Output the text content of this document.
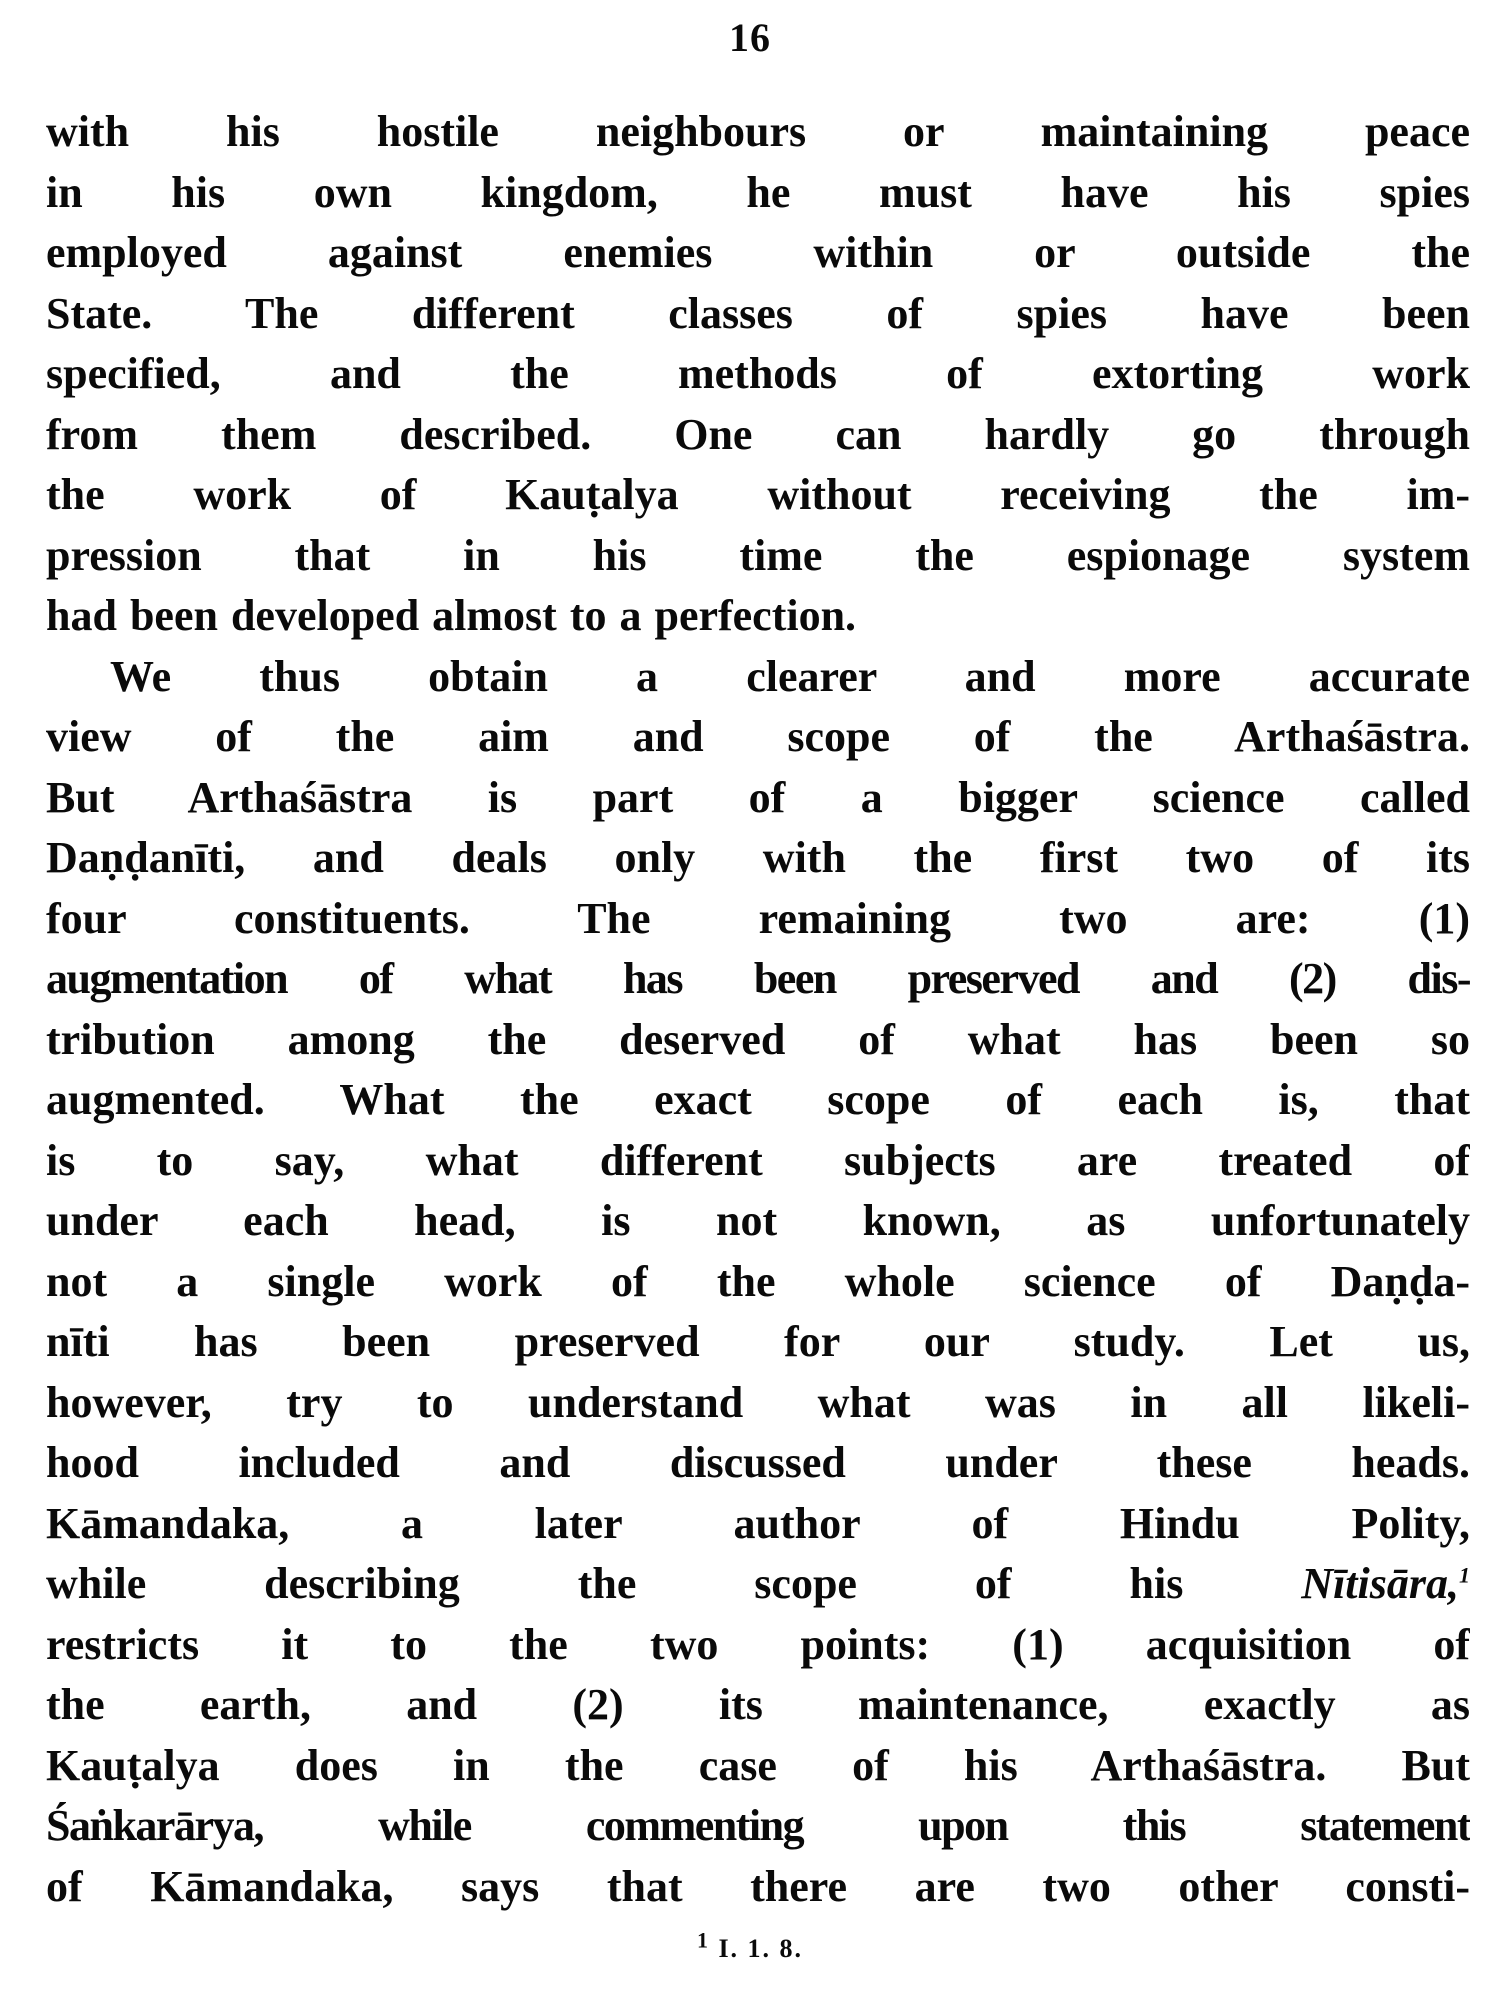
16
with his hostile neighbours or maintaining peace
in his own kingdom, he must have his spies
employed against enemies within or outside the
State. The different classes of spies have been
specified, and the methods of extorting work
from them described. One can hardly go through
the work of Kauṭalya without receiving the im-
pression that in his time the espionage system
had been developed almost to a perfection.
We thus obtain a clearer and more accurate
view of the aim and scope of the Arthaśāstra.
But Arthaśāstra is part of a bigger science called
Daṇḍanīti, and deals only with the first two of its
four constituents. The remaining two are: (1)
augmentation of what has been preserved and (2) dis-
tribution among the deserved of what has been so
augmented. What the exact scope of each is, that
is to say, what different subjects are treated of
under each head, is not known, as unfortunately
not a single work of the whole science of Daṇḍa-
nīti has been preserved for our study. Let us,
however, try to understand what was in all likeli-
hood included and discussed under these heads.
Kāmandaka, a later author of Hindu Polity,
while describing the scope of his	Nītisāra,$^1$
restricts it to the two points: (1) acquisition of
the earth, and (2) its maintenance, exactly as
Kauṭalya does in the case of his Arthaśāstra. But
Śaṅkarārya, while commenting upon this statement
of Kāmandaka, says that there are two other consti-
$^1$ I. 1. 8.
